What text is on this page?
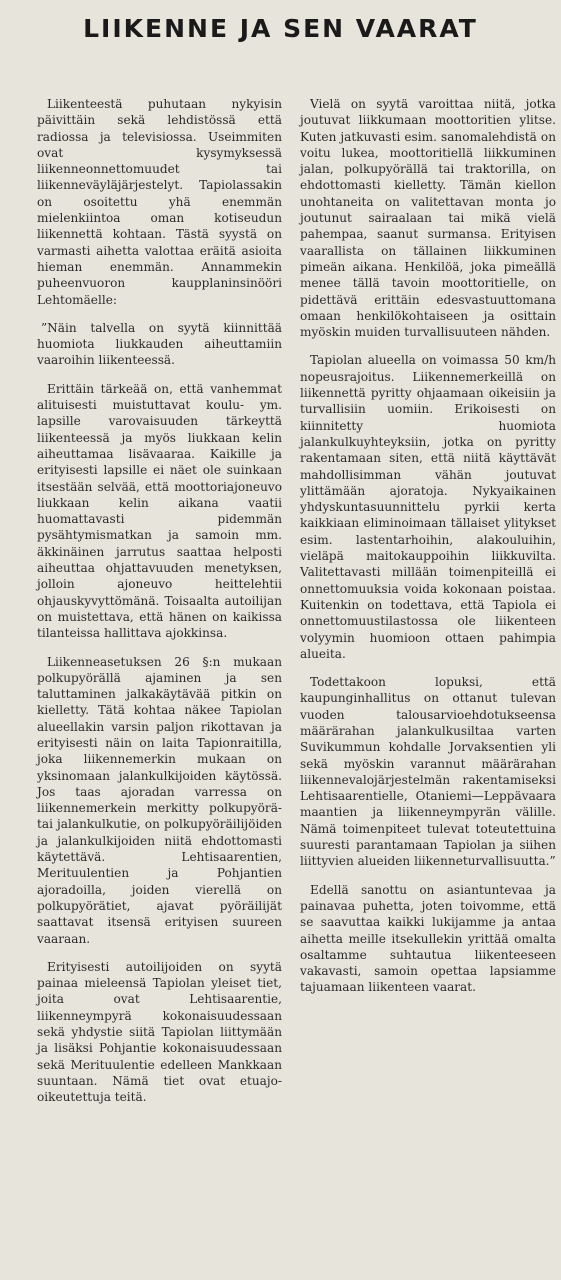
LIIKENNE JA SEN VAARAT

Liikenteestä puhutaan nykyisin päivittäin sekä lehdistössä että radiossa ja televisiossa. Useimmiten ovat kysymyksessä liikenneonnettomuudet tai liikenneväyläjärjestelyt. Tapiolassakin on osoitettu yhä enemmän mielenkiintoa oman kotiseudun liikennettä kohtaan. Tästä syystä on varmasti aihetta valottaa eräitä asioita hieman enemmän. Annammekin puheenvuoron kaupplaninsinööri Lehtomäelle:

”Näin talvella on syytä kiinnittää huomiota liukkauden aiheuttamiin vaaroihin liikenteessä.

Erittäin tärkeää on, että vanhemmat alituisesti muistuttavat koulu- ym. lapsille varovaisuuden tärkeyttä liikenteessä ja myös liukkaan kelin aiheuttamaa lisävaaraa. Kaikille ja erityisesti lapsille ei näet ole suinkaan itsestään selvää, että moottoriajoneuvo liukkaan kelin aikana vaatii huomattavasti pidemmän pysähtymismatkan ja samoin mm. äkkinäinen jarrutus saattaa helposti aiheuttaa ohjattavuuden menetyksen, jolloin ajoneuvo heittelehtii ohjauskyvyttömänä. Toisaalta autoilijan on muistettava, että hänen on kaikissa tilanteissa hallittava ajokkinsa.

Liikenneasetuksen 26 §:n mukaan polkupyörällä ajaminen ja sen taluttaminen jalkakäytävää pitkin on kielletty. Tätä kohtaa näkee Tapiolan alueellakin varsin paljon rikottavan ja erityisesti näin on laita Tapionraitilla, joka liikennemerkin mukaan on yksinomaan jalankulkijoiden käytössä. Jos taas ajoradan varressa on liikennemerkein merkitty polkupyörä- tai jalankulkutie, on polkupyöräilijöiden ja jalankulkijoiden niitä ehdottomasti käytettävä. Lehtisaarentien, Merituulentien ja Pohjantien ajoradoilla, joiden vierellä on polkupyörätiet, ajavat pyöräilijät saattavat itsensä erityisen suureen vaaraan.

Erityisesti autoilijoiden on syytä painaa mieleensä Tapiolan yleiset tiet, joita ovat Lehtisaarentie, liikenneympyrä kokonaisuudessaan sekä yhdystie siitä Tapiolan liittymään ja lisäksi Pohjantie kokonaisuudessaan sekä Merituulentie edelleen Mankkaan suuntaan. Nämä tiet ovat etuajo-oikeutettuja teitä.

Vielä on syytä varoittaa niitä, jotka joutuvat liikkumaan moottoritien ylitse. Kuten jatkuvasti esim. sanomalehdistä on voitu lukea, moottoritiellä liikkuminen jalan, polkupyörällä tai traktorilla, on ehdottomasti kielletty. Tämän kiellon unohtaneita on valitettavan monta jo joutunut sairaalaan tai mikä vielä pahempaa, saanut surmansa. Erityisen vaarallista on tällainen liikkuminen pimeän aikana. Henkilöä, joka pimeällä menee tällä tavoin moottoritielle, on pidettävä erittäin edesvastuuttomana omaan henkilökohtaiseen ja osittain myöskin muiden turvallisuuteen nähden.

Tapiolan alueella on voimassa 50 km/h nopeusrajoitus. Liikennemerkeillä on liikennettä pyritty ohjaamaan oikeisiin ja turvallisiin uomiin. Erikoisesti on kiinnitetty huomiota jalankulkuyhteyksiin, jotka on pyritty rakentamaan siten, että niitä käyttävät mahdollisimman vähän joutuvat ylittämään ajoratoja. Nykyaikainen yhdyskuntasuunnittelu pyrkii kerta kaikkiaan eliminoimaan tällaiset ylitykset esim. lastentarhoihin, alakouluihin, vieläpä maitokauppoihin liikkuvilta. Valitettavasti millään toimenpiteillä ei onnettomuuksia voida kokonaan poistaa. Kuitenkin on todettava, että Tapiola ei onnettomuustilastossa ole liikenteen volyymin huomioon ottaen pahimpia alueita.

Todettakoon lopuksi, että kaupunginhallitus on ottanut tulevan vuoden talousarvioehdotukseensa määrärahan jalankulkusiltaa varten Suvikummun kohdalle Jorvaksentien yli sekä myöskin varannut määrärahan liikennevalojärjestelmän rakentamiseksi Lehtisaarentielle, Otaniemi—Leppävaara maantien ja liikenneympyrän välille. Nämä toimenpiteet tulevat toteutettuina suuresti parantamaan Tapiolan ja siihen liittyvien alueiden liikenneturvallisuutta.”

Edellä sanottu on asiantuntevaa ja painavaa puhetta, joten toivomme, että se saavuttaa kaikki lukijamme ja antaa aihetta meille itsekullekin yrittää omalta osaltamme suhtautua liikenteeseen vakavasti, samoin opettaa lapsiamme tajuamaan liikenteen vaarat.
